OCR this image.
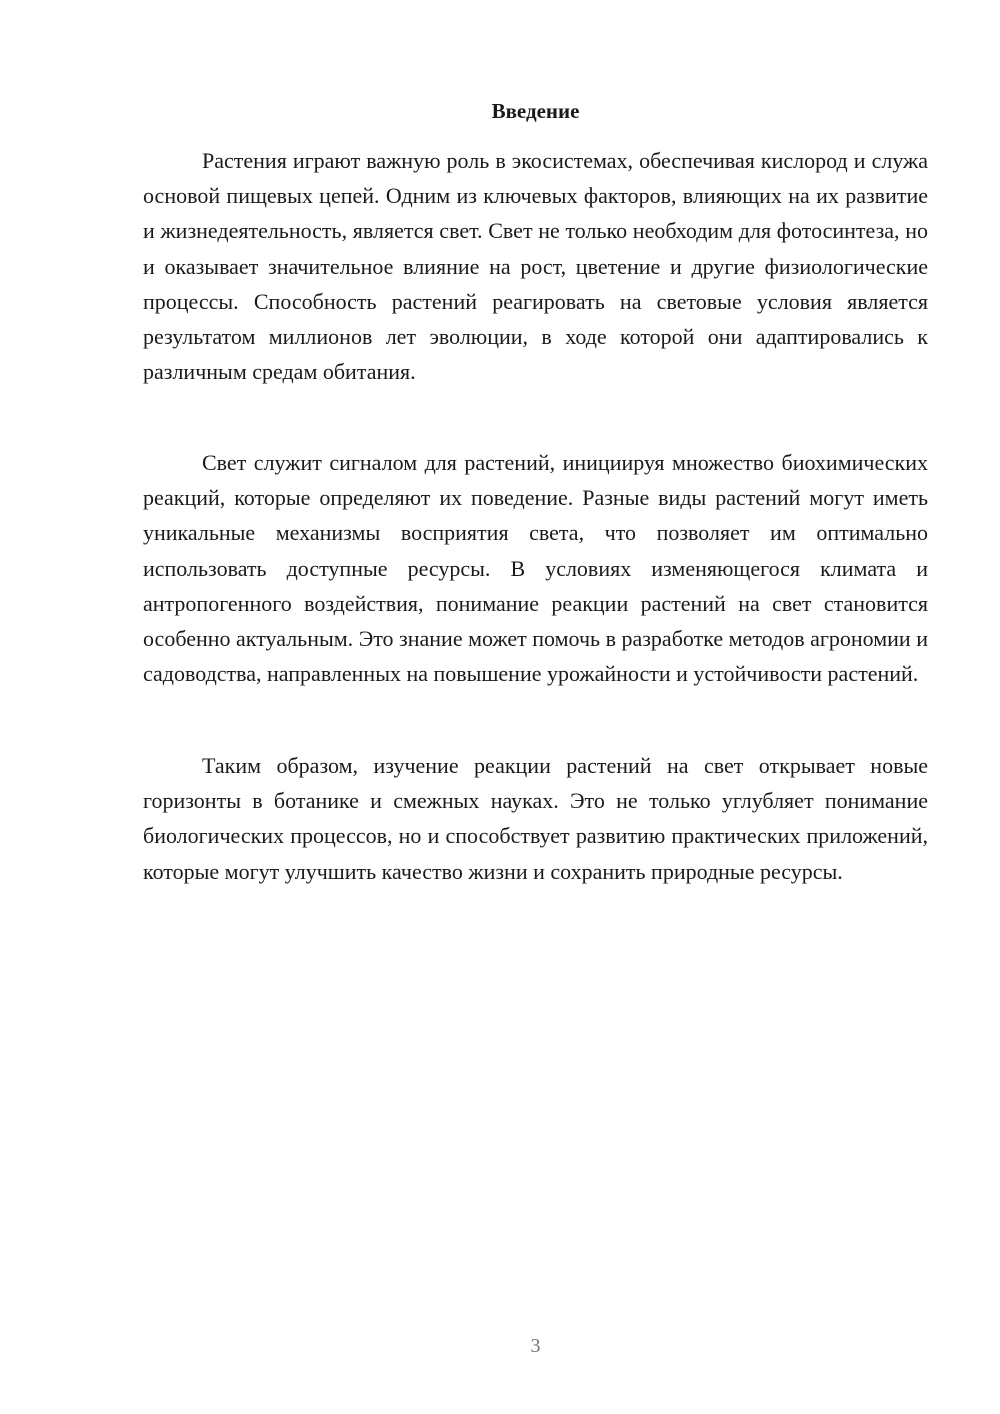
Введение

Растения играют важную роль в экосистемах, обеспечивая кислород и служа основой пищевых цепей. Одним из ключевых факторов, влияющих на их развитие и жизнедеятельность, является свет. Свет не только необходим для фотосинтеза, но и оказывает значительное влияние на рост, цветение и другие физиологические процессы. Способность растений реагировать на световые условия является результатом миллионов лет эволюции, в ходе которой они адаптировались к различным средам обитания.

Свет служит сигналом для растений, инициируя множество биохимических реакций, которые определяют их поведение. Разные виды растений могут иметь уникальные механизмы восприятия света, что позволяет им оптимально использовать доступные ресурсы. В условиях изменяющегося климата и антропогенного воздействия, понимание реакции растений на свет становится особенно актуальным. Это знание может помочь в разработке методов агрономии и садоводства, направленных на повышение урожайности и устойчивости растений.

Таким образом, изучение реакции растений на свет открывает новые горизонты в ботанике и смежных науках. Это не только углубляет понимание биологических процессов, но и способствует развитию практических приложений, которые могут улучшить качество жизни и сохранить природные ресурсы.

3
